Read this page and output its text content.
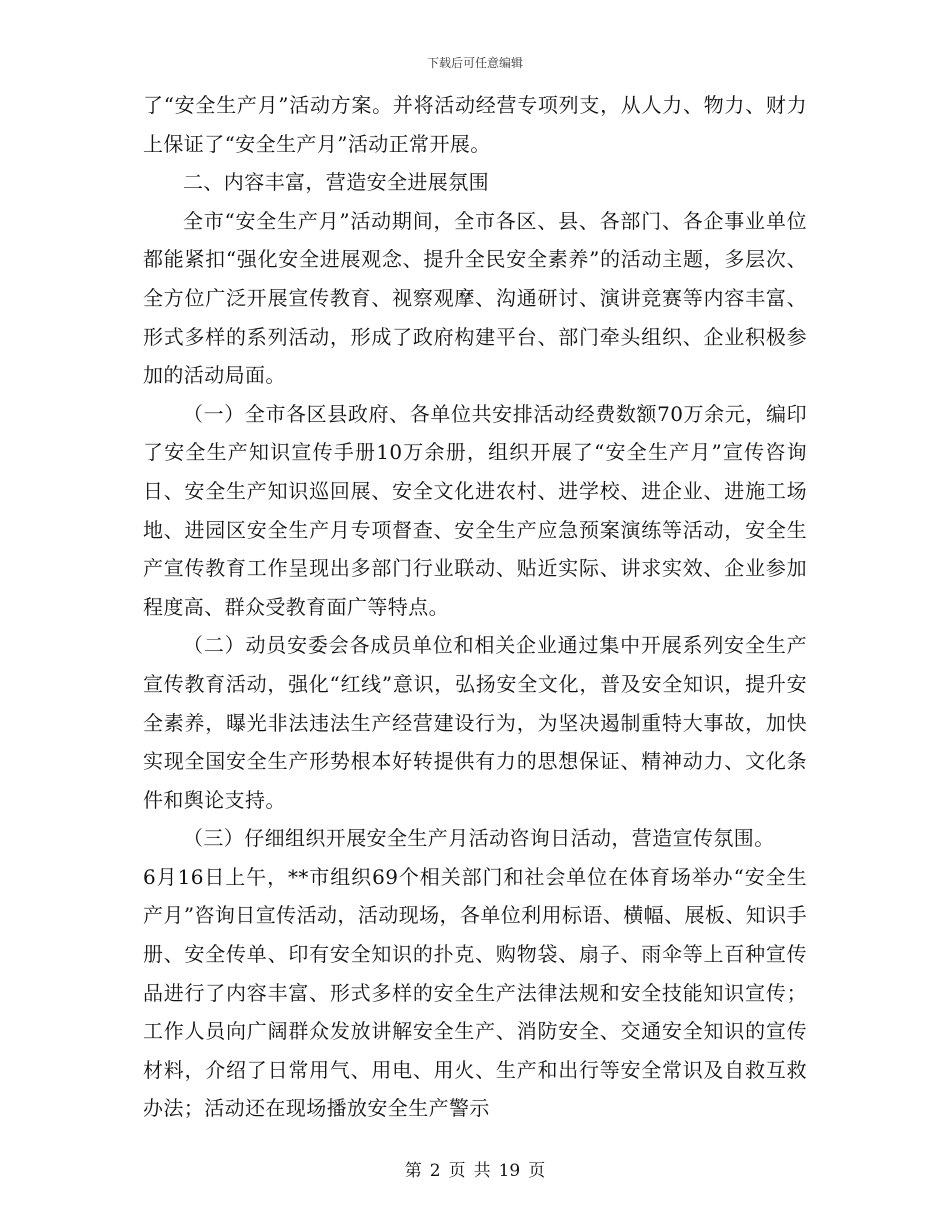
下载后可任意编辑

了“安全生产月”活动方案。并将活动经营专项列支，从人力、物力、财力上保证了“安全生产月”活动正常开展。

二、内容丰富，营造安全进展氛围

全市“安全生产月”活动期间，全市各区、县、各部门、各企事业单位都能紧扣“强化安全进展观念、提升全民安全素养”的活动主题，多层次、全方位广泛开展宣传教育、视察观摩、沟通研讨、演讲竞赛等内容丰富、形式多样的系列活动，形成了政府构建平台、部门牵头组织、企业积极参加的活动局面。

（一）全市各区县政府、各单位共安排活动经费数额70万余元，编印了安全生产知识宣传手册10万余册，组织开展了“安全生产月”宣传咨询日、安全生产知识巡回展、安全文化进农村、进学校、进企业、进施工场地、进园区安全生产月专项督查、安全生产应急预案演练等活动，安全生产宣传教育工作呈现出多部门行业联动、贴近实际、讲求实效、企业参加程度高、群众受教育面广等特点。

（二）动员安委会各成员单位和相关企业通过集中开展系列安全生产宣传教育活动，强化“红线”意识，弘扬安全文化，普及安全知识，提升安全素养，曝光非法违法生产经营建设行为，为坚决遏制重特大事故，加快实现全国安全生产形势根本好转提供有力的思想保证、精神动力、文化条件和舆论支持。

（三）仔细组织开展安全生产月活动咨询日活动，营造宣传氛围。

6月16日上午，**市组织69个相关部门和社会单位在体育场举办“安全生产月”咨询日宣传活动，活动现场，各单位利用标语、横幅、展板、知识手册、安全传单、印有安全知识的扑克、购物袋、扇子、雨伞等上百种宣传品进行了内容丰富、形式多样的安全生产法律法规和安全技能知识宣传；工作人员向广阔群众发放讲解安全生产、消防安全、交通安全知识的宣传材料，介绍了日常用气、用电、用火、生产和出行等安全常识及自救互救办法；活动还在现场播放安全生产警示

第 2 页 共 19 页
